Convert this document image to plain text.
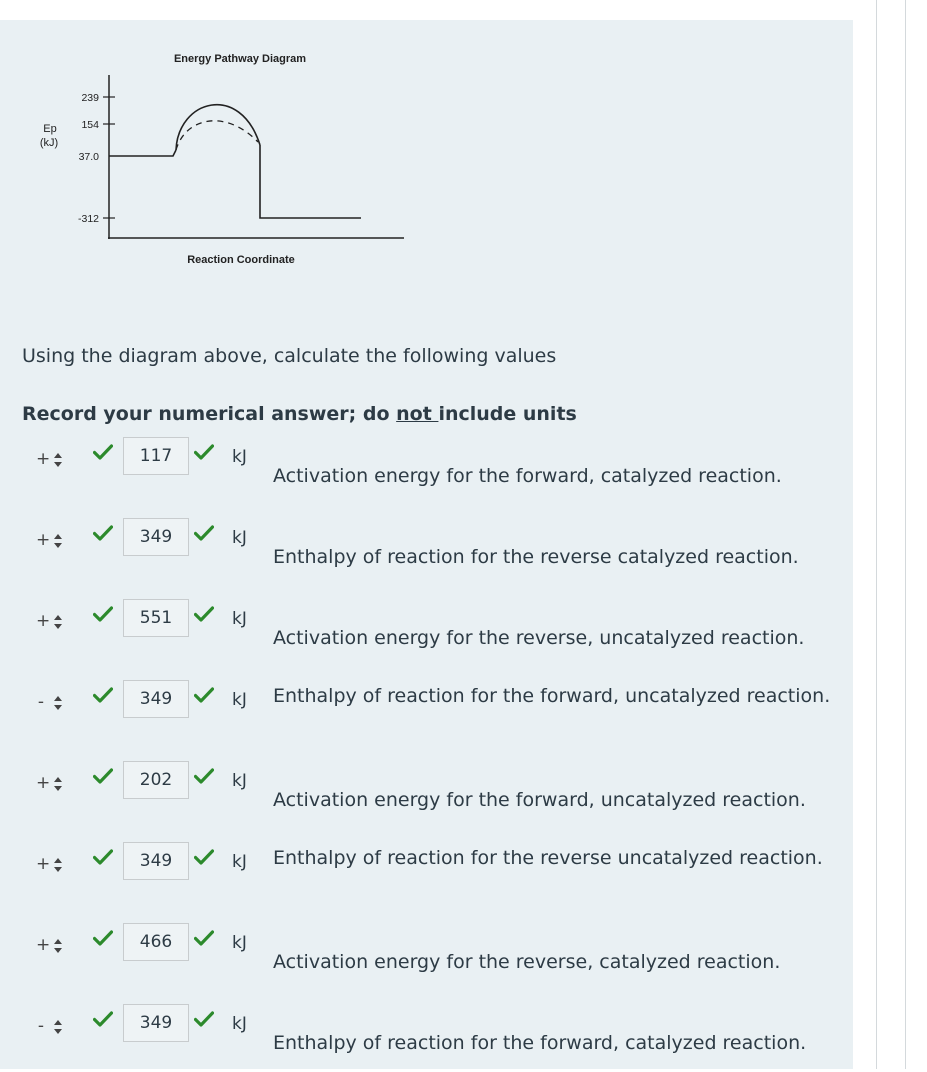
Energy Pathway Diagram
Ep
(kJ)
239
154
37.0
-312
Reaction Coordinate
Using the diagram above, calculate the following values
Record your numerical answer; do not include units
+	117	kJ
Activation energy for the forward, catalyzed reaction.
+	349	kJ
Enthalpy of reaction for the reverse catalyzed reaction.
+	551	kJ
Activation energy for the reverse, uncatalyzed reaction.
-	349	kJ Enthalpy of reaction for the forward, uncatalyzed reaction.
+	202	kJ
Activation energy for the forward, uncatalyzed reaction.
+	349	kJ Enthalpy of reaction for the reverse uncatalyzed reaction.
+	466	kJ
Activation energy for the reverse, catalyzed reaction.
-	349	kJ
Enthalpy of reaction for the forward, catalyzed reaction.
